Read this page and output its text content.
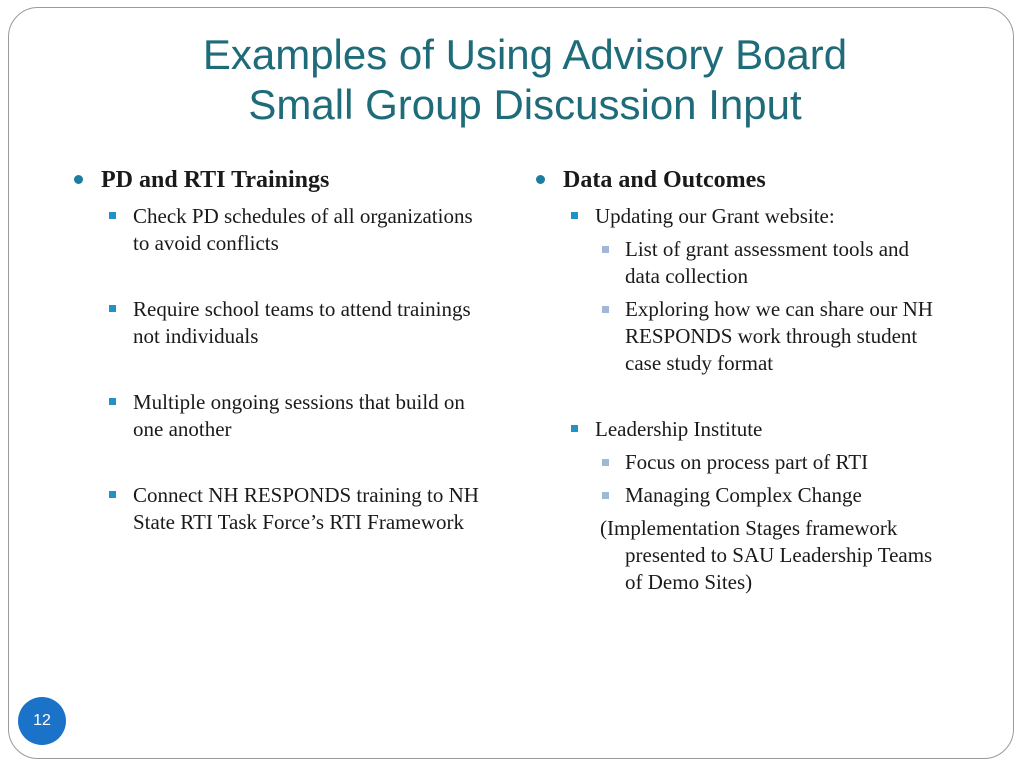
Examples of Using Advisory Board
Small Group Discussion Input
PD and RTI Trainings
Check PD schedules of all organizations to avoid conflicts
Require school teams to attend trainings not individuals
Multiple ongoing sessions that build on one another
Connect NH RESPONDS training to NH State RTI Task Force’s RTI Framework
Data and Outcomes
Updating our Grant website:
List of grant assessment tools and data collection
Exploring how we can share our NH RESPONDS work through student case study format
Leadership Institute
Focus on process part of RTI
Managing Complex Change
(Implementation Stages framework presented to SAU Leadership Teams of Demo Sites)
12
